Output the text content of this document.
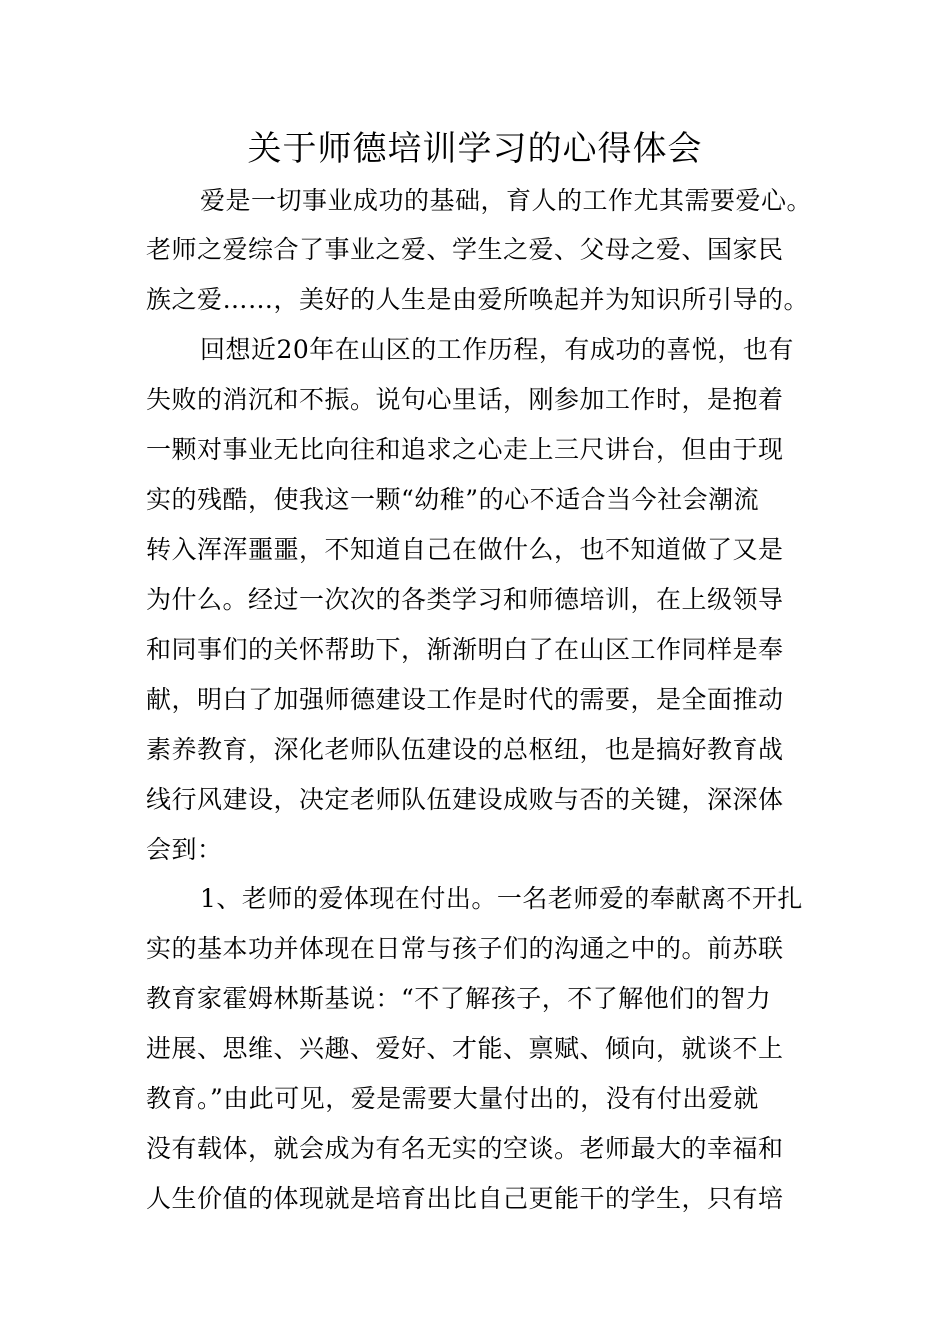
关于师德培训学习的心得体会
爱是一切事业成功的基础，育人的工作尤其需要爱心。
老师之爱综合了事业之爱、学生之爱、父母之爱、国家民
族之爱……，美好的人生是由爱所唤起并为知识所引导的。
回想近20年在山区的工作历程，有成功的喜悦，也有
失败的消沉和不振。说句心里话，刚参加工作时，是抱着
一颗对事业无比向往和追求之心走上三尺讲台，但由于现
实的残酷，使我这一颗“幼稚”的心不适合当今社会潮流
转入浑浑噩噩，不知道自己在做什么，也不知道做了又是
为什么。经过一次次的各类学习和师德培训，在上级领导
和同事们的关怀帮助下，渐渐明白了在山区工作同样是奉
献，明白了加强师德建设工作是时代的需要，是全面推动
素养教育，深化老师队伍建设的总枢纽，也是搞好教育战
线行风建设，决定老师队伍建设成败与否的关键，深深体
会到：
1、老师的爱体现在付出。一名老师爱的奉献离不开扎
实的基本功并体现在日常与孩子们的沟通之中的。前苏联
教育家霍姆林斯基说：“不了解孩子，不了解他们的智力
进展、思维、兴趣、爱好、才能、禀赋、倾向，就谈不上
教育。”由此可见，爱是需要大量付出的，没有付出爱就
没有载体，就会成为有名无实的空谈。老师最大的幸福和
人生价值的体现就是培育出比自己更能干的学生，只有培
